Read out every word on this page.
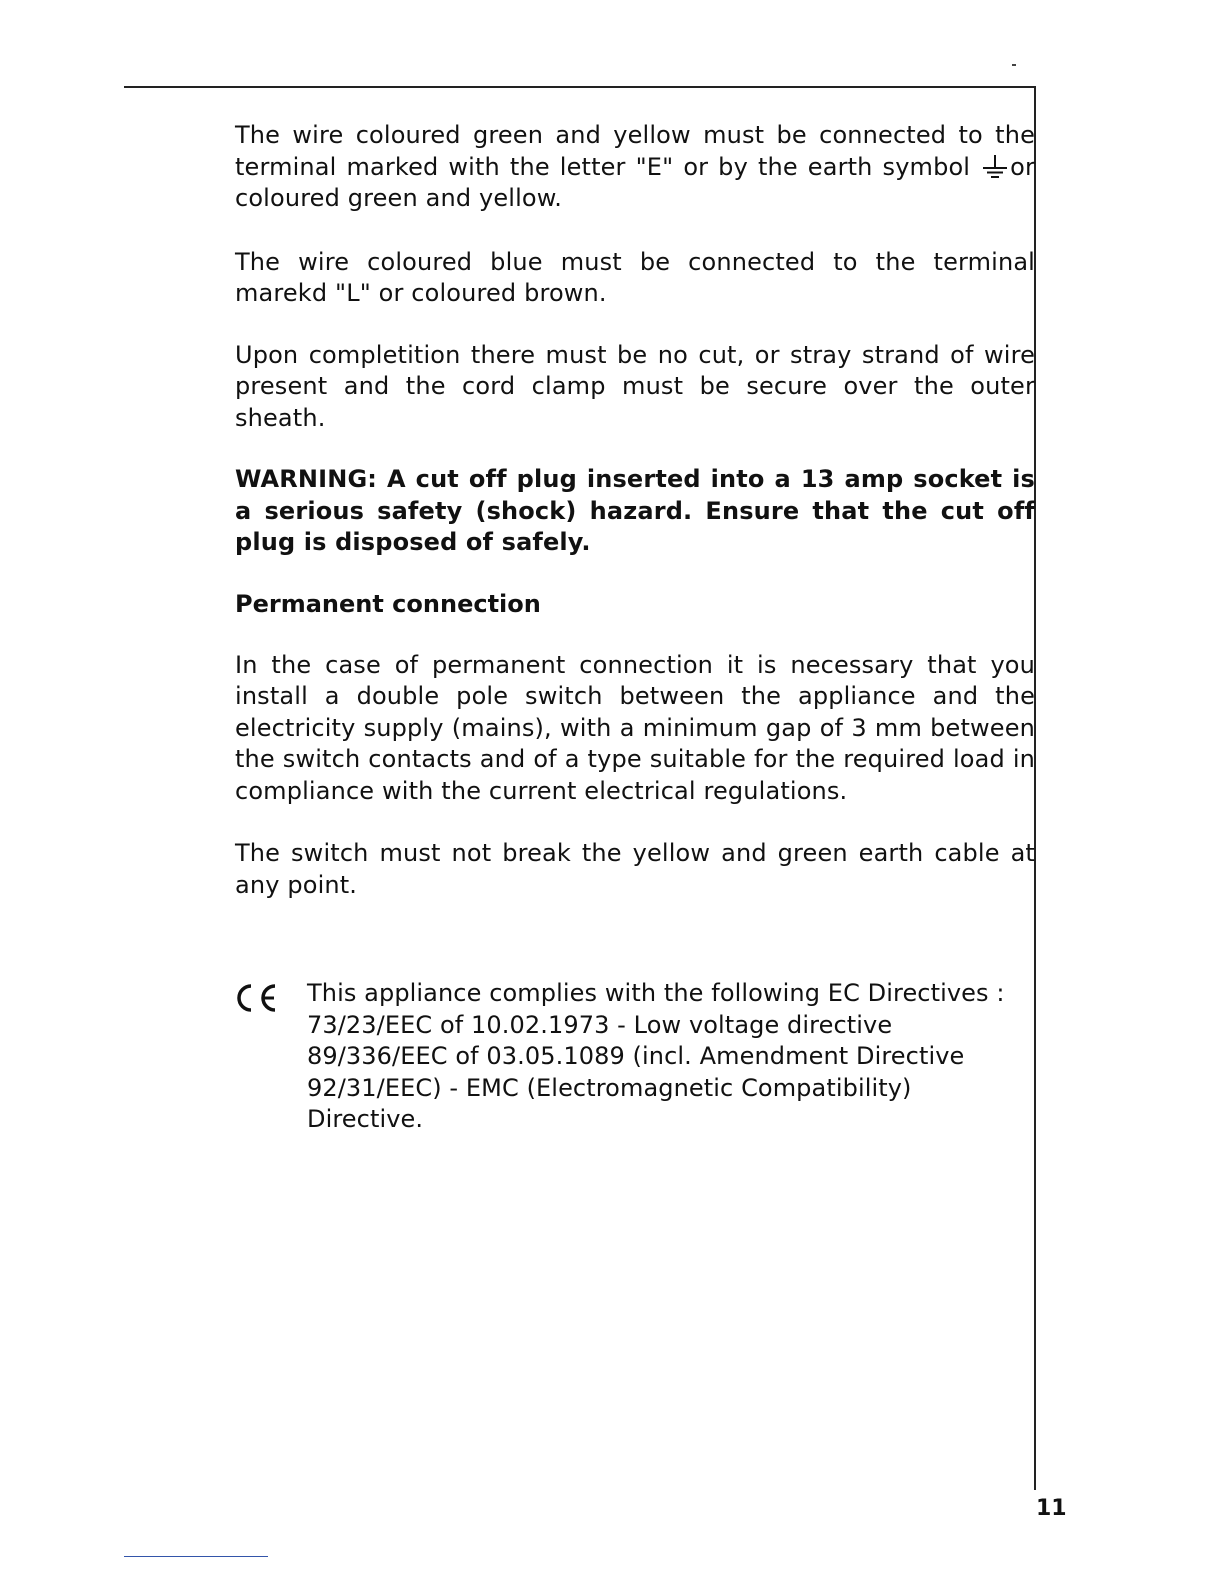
The wire coloured green and yellow must be connected to the terminal marked with the letter "E" or by the earth symbol or coloured green and yellow.

The wire coloured blue must be connected to the terminal marekd "L" or coloured brown.

Upon completition there must be no cut, or stray strand of wire present and the cord clamp must be secure over the outer sheath.

WARNING: A cut off plug inserted into a 13 amp socket is a serious safety (shock) hazard. Ensure that the cut off plug is disposed of safely.

Permanent connection

In the case of permanent connection it is necessary that you install a double pole switch between the appliance and the electricity supply (mains), with a minimum gap of 3 mm between the switch contacts and of a type suitable for the required load in compliance with the current electrical regulations.

The switch must not break the yellow and green earth cable at any point.

This appliance complies with the following EC Directives : 73/23/EEC of 10.02.1973 - Low voltage directive 89/336/EEC of 03.05.1089 (incl. Amendment Directive 92/31/EEC) - EMC (Electromagnetic Compatibility) Directive.

11
